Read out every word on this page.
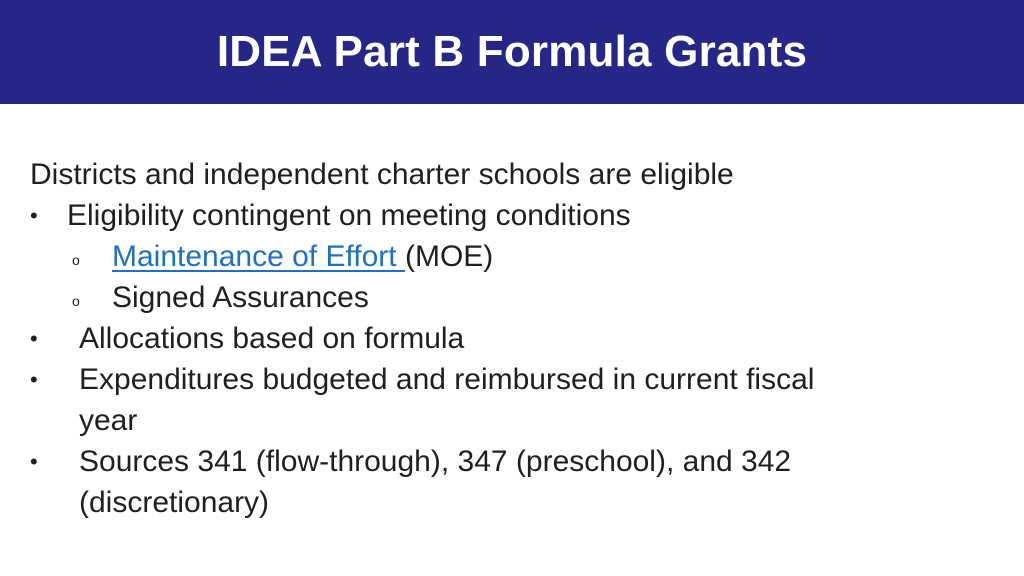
IDEA Part B Formula Grants
Districts and independent charter schools are eligible
• Eligibility contingent on meeting conditions
o Maintenance of Effort (MOE)
o Signed Assurances
• Allocations based on formula
• Expenditures budgeted and reimbursed in current fiscal
year
• Sources 341 (flow-through), 347 (preschool), and 342
(discretionary)
